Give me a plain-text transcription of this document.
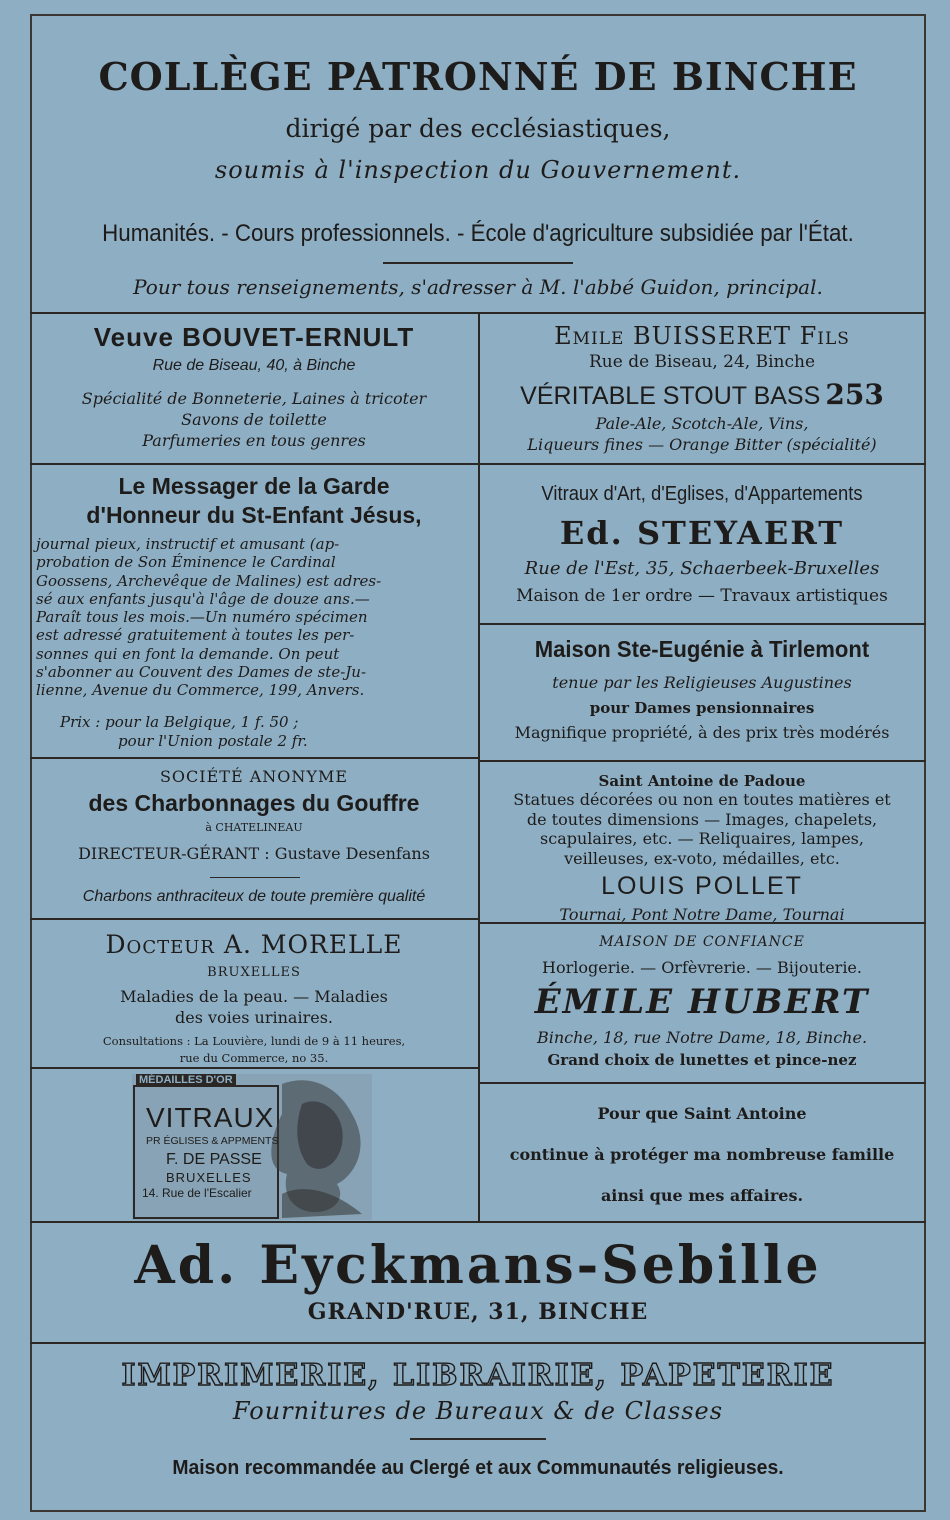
COLLÈGE PATRONNÉ DE BINCHE
dirigé par des ecclésiastiques,
soumis à l'inspection du Gouvernement.
Humanités. - Cours professionnels. - École d'agriculture subsidiée par l'État.
Pour tous renseignements, s'adresser à M. l'abbé Guidon, principal.
Veuve BOUVET-ERNULT
Rue de Biseau, 40, à Binche
Spécialité de Bonneterie, Laines à tricoter
Savons de toilette
Parfumeries en tous genres
Emile BUISSERET Fils
Rue de Biseau, 24, Binche
VÉRITABLE STOUT BASS 253
Pale-Ale, Scotch-Ale, Vins,
Liqueurs fines — Orange Bitter (spécialité)
Le Messager de la Garde
d'Honneur du St-Enfant Jésus,
journal pieux, instructif et amusant (ap-
probation de Son Éminence le Cardinal
Goossens, Archevêque de Malines) est adres-
sé aux enfants jusqu'à l'âge de douze ans.—
Paraît tous les mois.—Un numéro spécimen
est adressé gratuitement à toutes les per-
sonnes qui en font la demande. On peut
s'abonner au Couvent des Dames de ste-Ju-
lienne, Avenue du Commerce, 199, Anvers.
Prix : pour la Belgique, 1 f. 50 ;
pour l'Union postale 2 fr.
Vitraux d'Art, d'Eglises, d'Appartements
Ed. STEYAERT
Rue de l'Est, 35, Schaerbeek-Bruxelles
Maison de 1er ordre — Travaux artistiques
Maison Ste-Eugénie à Tirlemont
tenue par les Religieuses Augustines
pour Dames pensionnaires
Magnifique propriété, à des prix très modérés
SOCIÉTÉ ANONYME
des Charbonnages du Gouffre
à CHATELINEAU
DIRECTEUR-GÉRANT : Gustave Desenfans
Charbons anthraciteux de toute première qualité
Saint Antoine de Padoue
Statues décorées ou non en toutes matières et
de toutes dimensions — Images, chapelets,
scapulaires, etc. — Reliquaires, lampes,
veilleuses, ex-voto, médailles, etc.
LOUIS POLLET
Tournai, Pont Notre Dame, Tournai
Docteur A. MORELLE
BRUXELLES
Maladies de la peau. — Maladies
des voies urinaires.
Consultations : La Louvière, lundi de 9 à 11 heures,
rue du Commerce, no 35.
MAISON DE CONFIANCE
Horlogerie. — Orfèvrerie. — Bijouterie.
ÉMILE HUBERT
Binche, 18, rue Notre Dame, 18, Binche.
Grand choix de lunettes et pince-nez
MÉDAILLES D'OR
VITRAUX
PR ÉGLISES & APPMENTS
F. DE PASSE
BRUXELLES
14. Rue de l'Escalier
Pour que Saint Antoine
continue à protéger ma nombreuse famille
ainsi que mes affaires.
Ad. Eyckmans-Sebille
GRAND'RUE, 31, BINCHE
IMPRIMERIE, LIBRAIRIE, PAPETERIE
Fournitures de Bureaux & de Classes
Maison recommandée au Clergé et aux Communautés religieuses.
